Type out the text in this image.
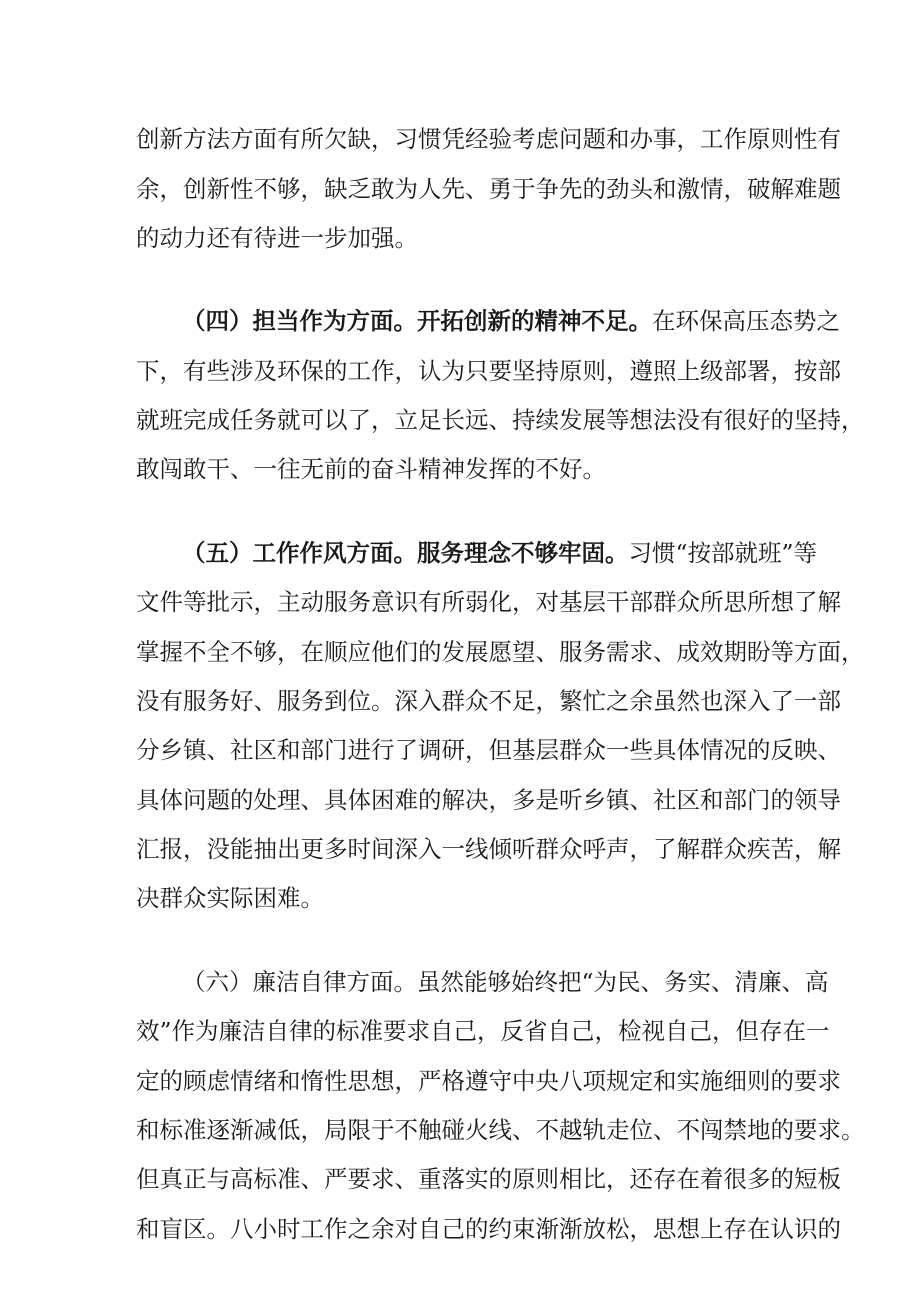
创新方法方面有所欠缺，习惯凭经验考虑问题和办事，工作原则性有
余，创新性不够，缺乏敢为人先、勇于争先的劲头和激情，破解难题
的动力还有待进一步加强。
（四）担当作为方面。开拓创新的精神不足。在环保高压态势之
下，有些涉及环保的工作，认为只要坚持原则，遵照上级部署，按部
就班完成任务就可以了，立足长远、持续发展等想法没有很好的坚持，
敢闯敢干、一往无前的奋斗精神发挥的不好。
（五）工作作风方面。服务理念不够牢固。习惯“按部就班”等
文件等批示，主动服务意识有所弱化，对基层干部群众所思所想了解
掌握不全不够，在顺应他们的发展愿望、服务需求、成效期盼等方面，
没有服务好、服务到位。深入群众不足，繁忙之余虽然也深入了一部
分乡镇、社区和部门进行了调研，但基层群众一些具体情况的反映、
具体问题的处理、具体困难的解决，多是听乡镇、社区和部门的领导
汇报，没能抽出更多时间深入一线倾听群众呼声，了解群众疾苦，解
决群众实际困难。
（六）廉洁自律方面。虽然能够始终把“为民、务实、清廉、高
效”作为廉洁自律的标准要求自己，反省自己，检视自己，但存在一
定的顾虑情绪和惰性思想，严格遵守中央八项规定和实施细则的要求
和标准逐渐减低，局限于不触碰火线、不越轨走位、不闯禁地的要求。
但真正与高标准、严要求、重落实的原则相比，还存在着很多的短板
和盲区。八小时工作之余对自己的约束渐渐放松，思想上存在认识的
